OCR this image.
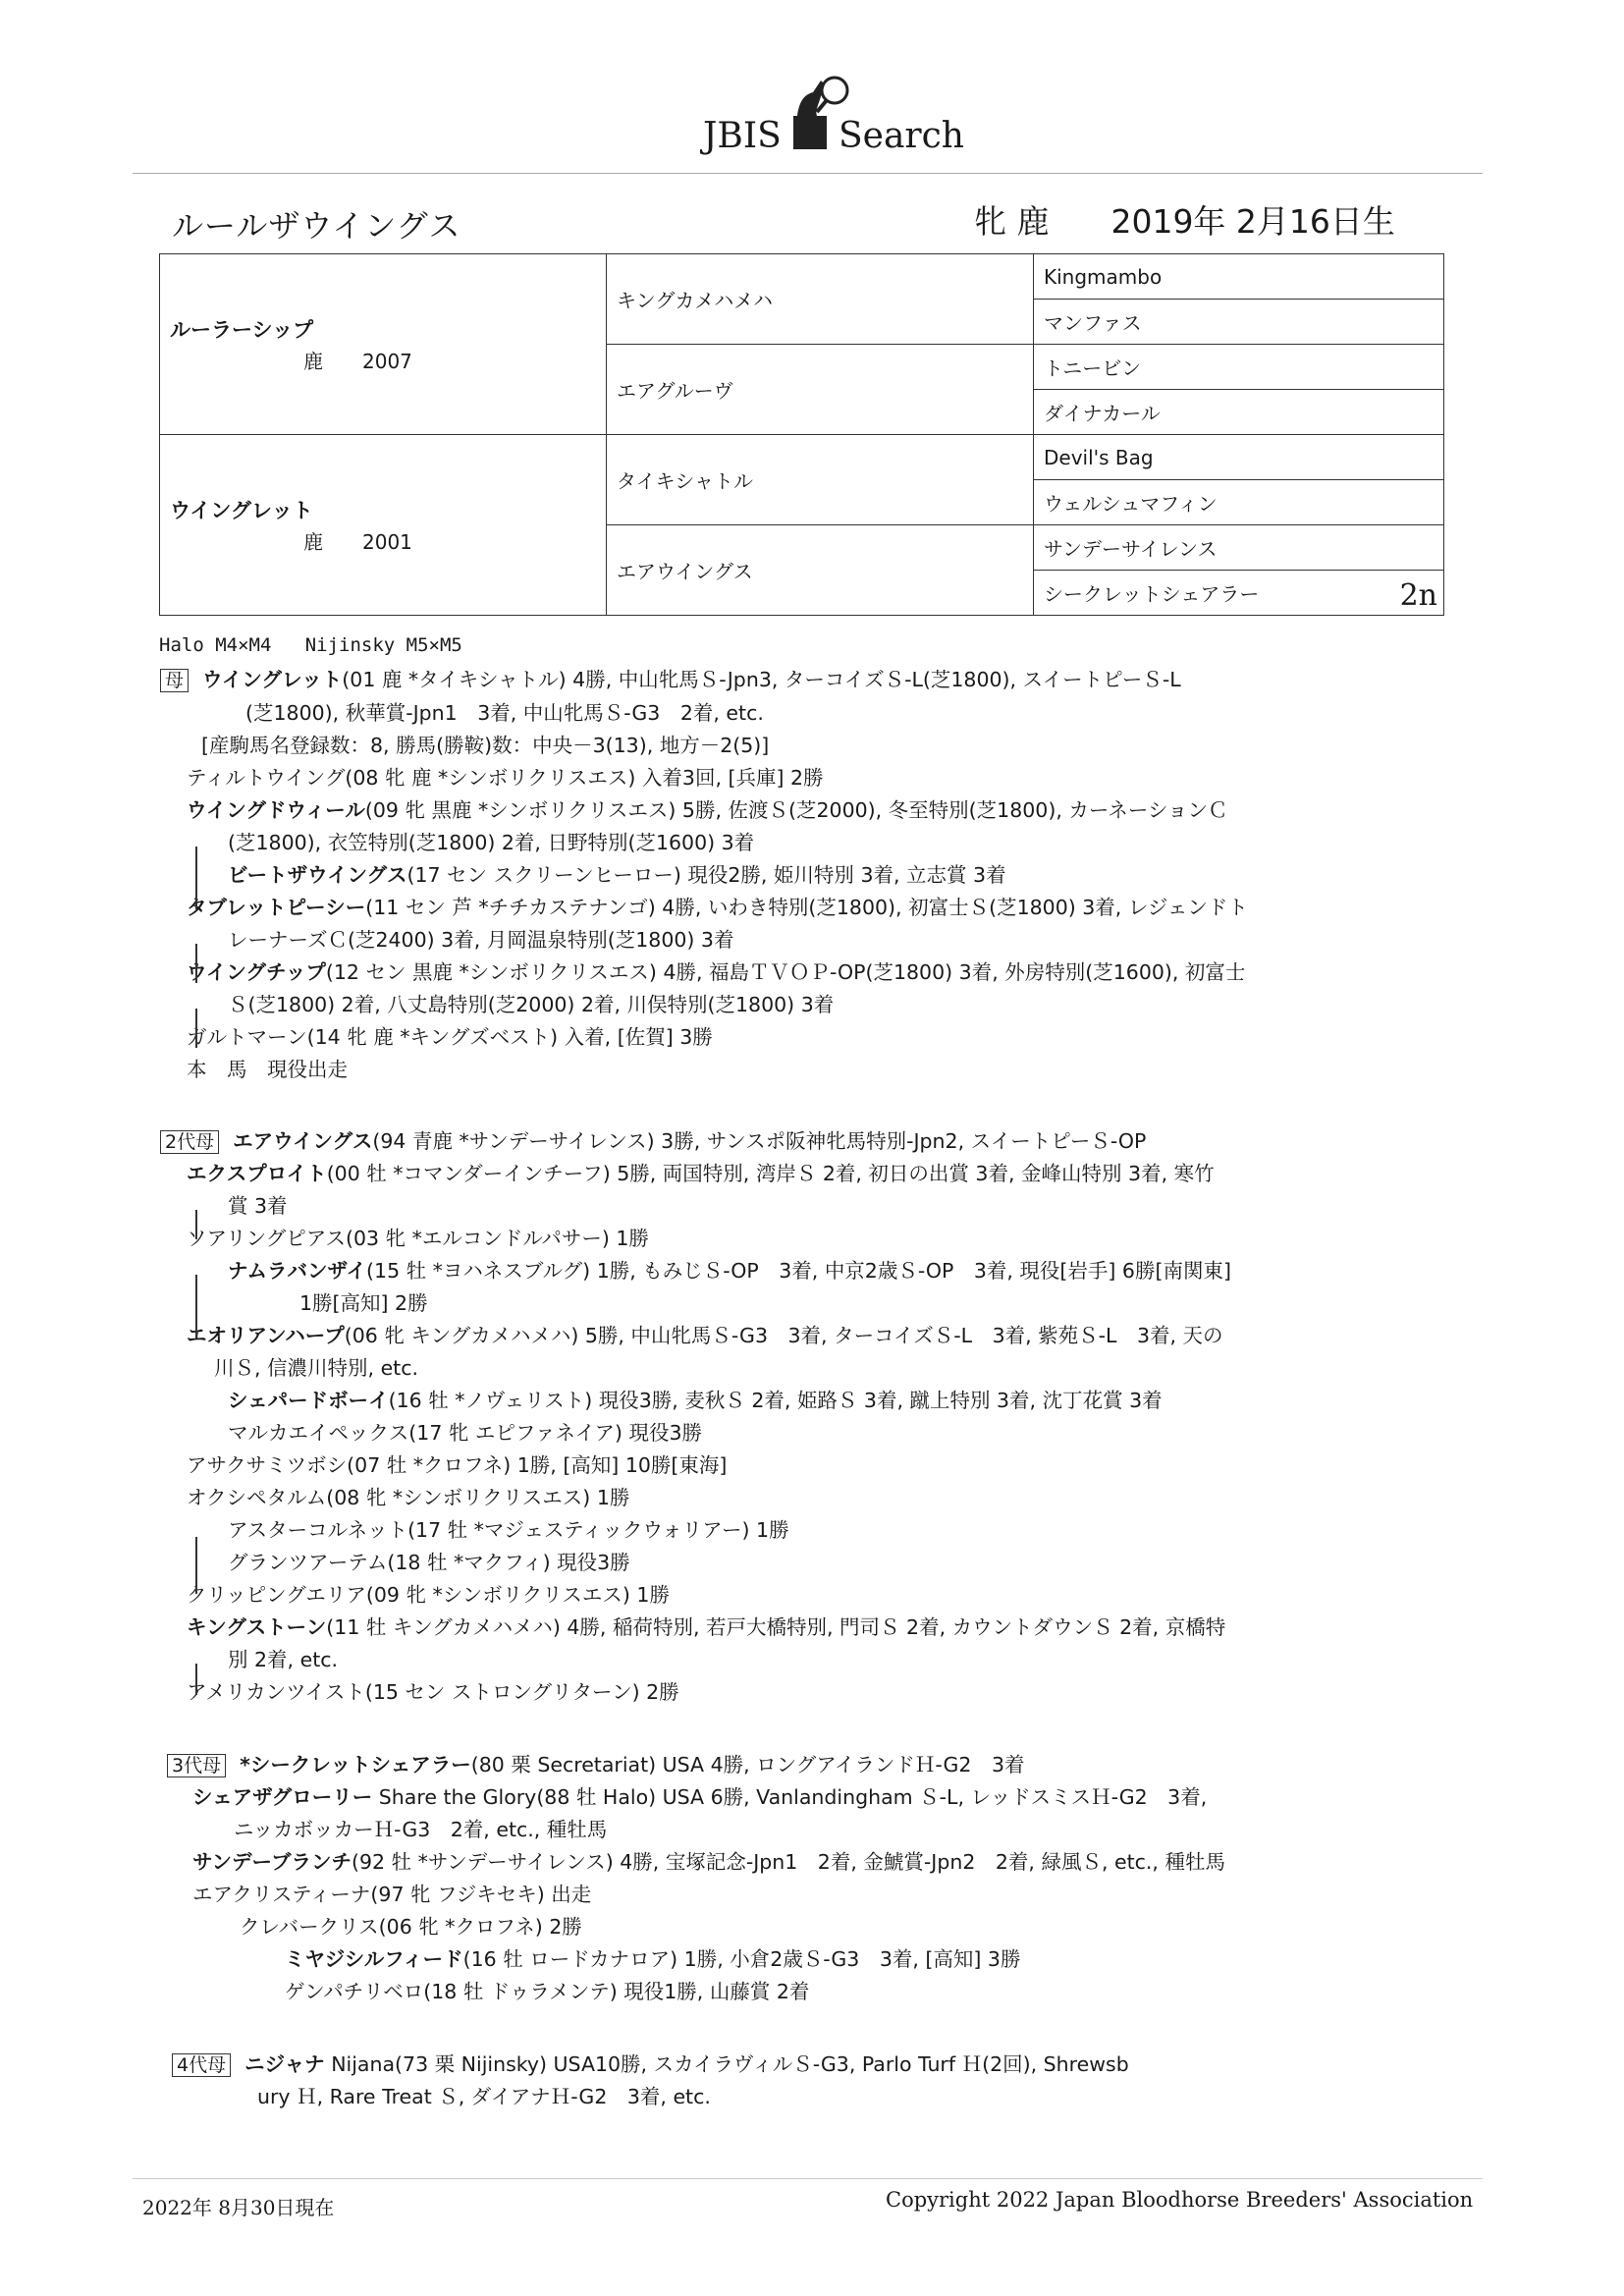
JBIS Search
ルールザウイングス	牝 鹿 2019年 2月16日生
ルーラーシップ
鹿　　2007	キングカメハメハ	Kingmambo
		マンファス
	エアグルーヴ	トニービン
		ダイナカール

ウイングレット
鹿　　2001	タイキシャトル	Devil's Bag
		ウェルシュマフィン
	エアウイングス	サンデーサイレンス
		シークレットシェアラー 2n
Halo M4×M4   Nijinsky M5×M5
母 ウイングレット(01 鹿 *タイキシャトル) 4勝, 中山牝馬Ｓ-Jpn3, ターコイズＳ-L(芝1800), スイートピーＳ-L
(芝1800), 秋華賞-Jpn1　3着, 中山牝馬Ｓ-G3　2着, etc.
[産駒馬名登録数：8, 勝馬(勝鞍)数：中央－3(13), 地方－2(5)]
ティルトウイング(08 牝 鹿 *シンボリクリスエス) 入着3回, [兵庫] 2勝
ウイングドウィール(09 牝 黒鹿 *シンボリクリスエス) 5勝, 佐渡Ｓ(芝2000), 冬至特別(芝1800), カーネーションＣ
(芝1800), 衣笠特別(芝1800) 2着, 日野特別(芝1600) 3着
ビートザウイングス(17 セン スクリーンヒーロー) 現役2勝, 姫川特別 3着, 立志賞 3着
タブレットピーシー(11 セン 芦 *チチカステナンゴ) 4勝, いわき特別(芝1800), 初富士Ｓ(芝1800) 3着, レジェンドト
レーナーズＣ(芝2400) 3着, 月岡温泉特別(芝1800) 3着
ウイングチップ(12 セン 黒鹿 *シンボリクリスエス) 4勝, 福島ＴＶＯＰ-OP(芝1800) 3着, 外房特別(芝1600), 初富士
Ｓ(芝1800) 2着, 八丈島特別(芝2000) 2着, 川俣特別(芝1800) 3着
ガルトマーン(14 牝 鹿 *キングズベスト) 入着, [佐賀] 3勝
本　馬　現役出走
2代母 エアウイングス(94 青鹿 *サンデーサイレンス) 3勝, サンスポ阪神牝馬特別-Jpn2, スイートピーＳ-OP
エクスプロイト(00 牡 *コマンダーインチーフ) 5勝, 両国特別, 湾岸Ｓ 2着, 初日の出賞 3着, 金峰山特別 3着, 寒竹
賞 3着
ソアリングピアス(03 牝 *エルコンドルパサー) 1勝
ナムラバンザイ(15 牡 *ヨハネスブルグ) 1勝, もみじＳ-OP　3着, 中京2歳Ｓ-OP　3着, 現役[岩手] 6勝[南関東]
1勝[高知] 2勝
エオリアンハープ(06 牝 キングカメハメハ) 5勝, 中山牝馬Ｓ-G3　3着, ターコイズＳ-L　3着, 紫苑Ｓ-L　3着, 天の
川Ｓ, 信濃川特別, etc.
シェパードボーイ(16 牡 *ノヴェリスト) 現役3勝, 麦秋Ｓ 2着, 姫路Ｓ 3着, 蹴上特別 3着, 沈丁花賞 3着
マルカエイペックス(17 牝 エピファネイア) 現役3勝
アサクサミツボシ(07 牡 *クロフネ) 1勝, [高知] 10勝[東海]
オクシペタルム(08 牝 *シンボリクリスエス) 1勝
アスターコルネット(17 牡 *マジェスティックウォリアー) 1勝
グランツアーテム(18 牡 *マクフィ) 現役3勝
クリッピングエリア(09 牝 *シンボリクリスエス) 1勝
キングストーン(11 牡 キングカメハメハ) 4勝, 稲荷特別, 若戸大橋特別, 門司Ｓ 2着, カウントダウンＳ 2着, 京橋特
別 2着, etc.
アメリカンツイスト(15 セン ストロングリターン) 2勝
3代母 *シークレットシェアラー(80 栗 Secretariat) USA 4勝, ロングアイランドＨ-G2　3着
シェアザグローリー Share the Glory(88 牡 Halo) USA 6勝, Vanlandingham Ｓ-L, レッドスミスＨ-G2　3着,
ニッカボッカーＨ-G3　2着, etc., 種牡馬
サンデーブランチ(92 牡 *サンデーサイレンス) 4勝, 宝塚記念-Jpn1　2着, 金鯱賞-Jpn2　2着, 緑風Ｓ, etc., 種牡馬
エアクリスティーナ(97 牝 フジキセキ) 出走
クレバークリス(06 牝 *クロフネ) 2勝
ミヤジシルフィード(16 牡 ロードカナロア) 1勝, 小倉2歳Ｓ-G3　3着, [高知] 3勝
ゲンパチリベロ(18 牡 ドゥラメンテ) 現役1勝, 山藤賞 2着
4代母 ニジャナ Nijana(73 栗 Nijinsky) USA10勝, スカイラヴィルＳ-G3, Parlo Turf Ｈ(2回), Shrewsb
ury Ｈ, Rare Treat Ｓ, ダイアナＨ-G2　3着, etc.
2022年 8月30日現在	Copyright 2022 Japan Bloodhorse Breeders' Association
